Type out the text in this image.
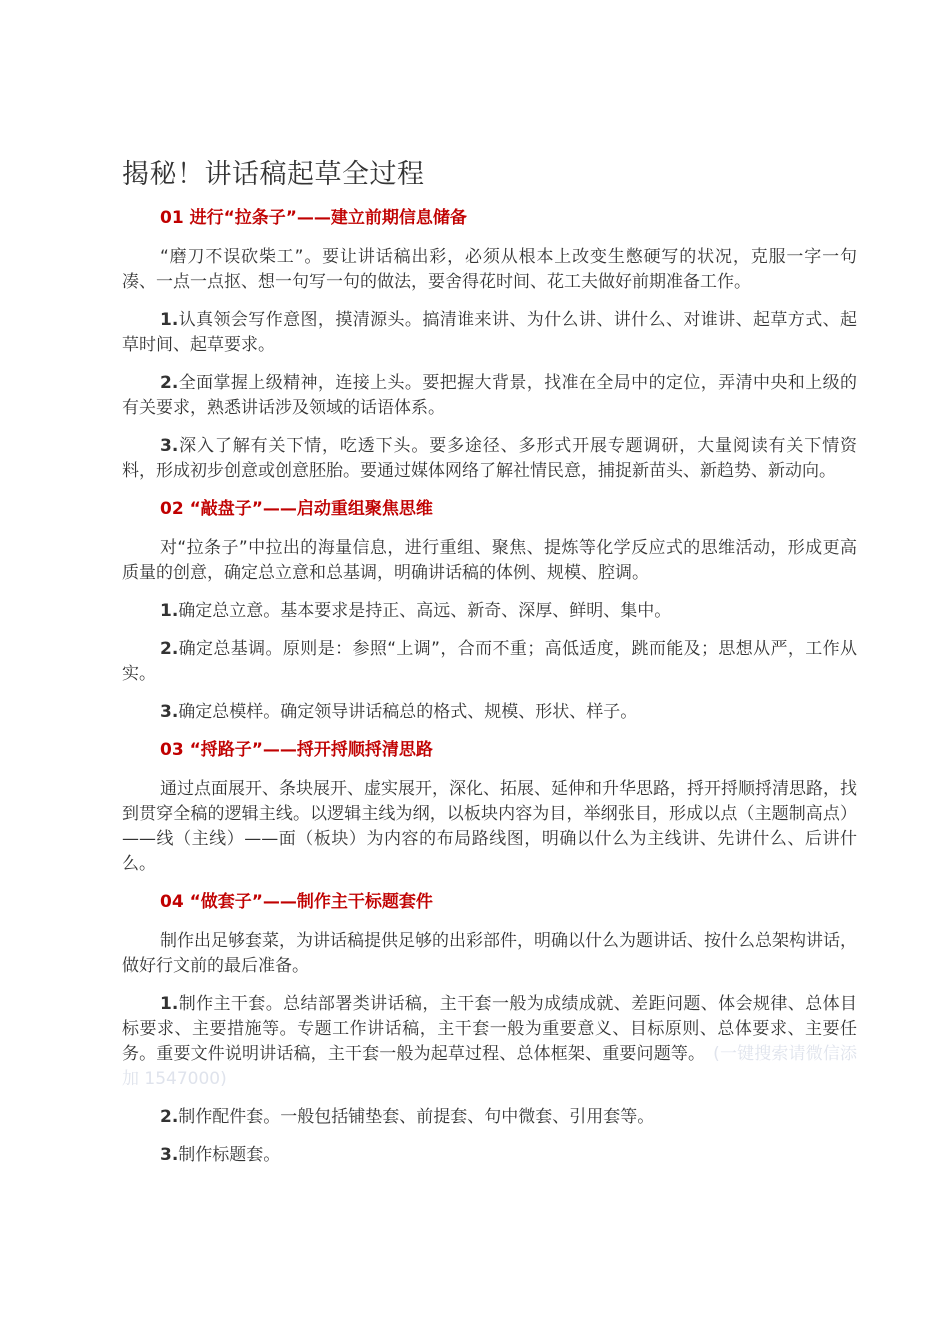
揭秘！讲话稿起草全过程
01 进行“拉条子”——建立前期信息储备

“磨刀不误砍柴工”。要让讲话稿出彩，必须从根本上改变生憋硬写的状况，克服一字一句凑、一点一点抠、想一句写一句的做法，要舍得花时间、花工夫做好前期准备工作。

1.认真领会写作意图，摸清源头。搞清谁来讲、为什么讲、讲什么、对谁讲、起草方式、起草时间、起草要求。

2.全面掌握上级精神，连接上头。要把握大背景，找准在全局中的定位，弄清中央和上级的有关要求，熟悉讲话涉及领域的话语体系。

3.深入了解有关下情，吃透下头。要多途径、多形式开展专题调研，大量阅读有关下情资料，形成初步创意或创意胚胎。要通过媒体网络了解社情民意，捕捉新苗头、新趋势、新动向。

02 “敲盘子”——启动重组聚焦思维

对“拉条子”中拉出的海量信息，进行重组、聚焦、提炼等化学反应式的思维活动，形成更高质量的创意，确定总立意和总基调，明确讲话稿的体例、规模、腔调。

1.确定总立意。基本要求是持正、高远、新奇、深厚、鲜明、集中。

2.确定总基调。原则是：参照“上调”，合而不重；高低适度，跳而能及；思想从严，工作从实。

3.确定总模样。确定领导讲话稿总的格式、规模、形状、样子。

03 “捋路子”——捋开捋顺捋清思路

通过点面展开、条块展开、虚实展开，深化、拓展、延伸和升华思路，捋开捋顺捋清思路，找到贯穿全稿的逻辑主线。以逻辑主线为纲，以板块内容为目，举纲张目，形成以点（主题制高点）——线（主线）——面（板块）为内容的布局路线图，明确以什么为主线讲、先讲什么、后讲什么。

04 “做套子”——制作主干标题套件

制作出足够套菜，为讲话稿提供足够的出彩部件，明确以什么为题讲话、按什么总架构讲话，做好行文前的最后准备。

1.制作主干套。总结部署类讲话稿，主干套一般为成绩成就、差距问题、体会规律、总体目标要求、主要措施等。专题工作讲话稿，主干套一般为重要意义、目标原则、总体要求、主要任务。重要文件说明讲话稿，主干套一般为起草过程、总体框架、重要问题等。 (一键搜索请微信添加 1547000)

2.制作配件套。一般包括铺垫套、前提套、句中微套、引用套等。

3.制作标题套。
